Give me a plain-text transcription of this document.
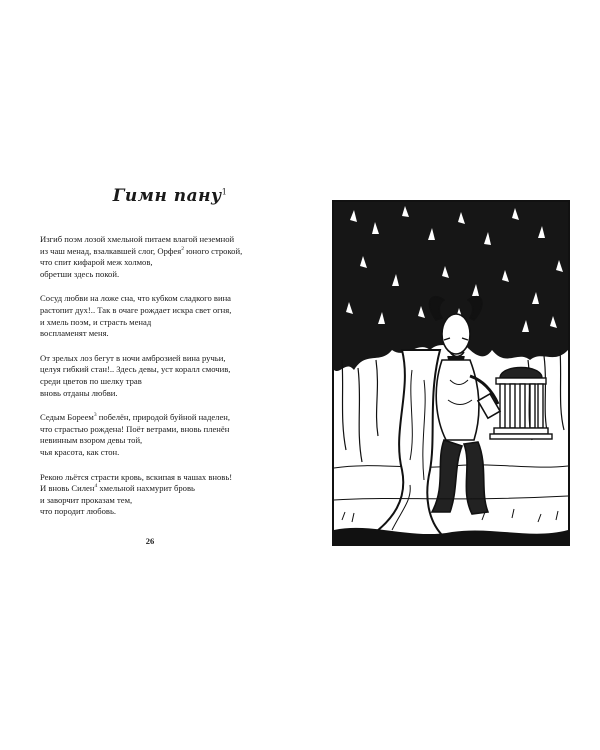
Гимн пану$^1$
Изгиб поэм лозой хмельной питаем влагой неземной
из чаш менад, взалкавшей слог, Орфея$^2$ юного строкой,
что спит кифарой меж холмов,
обретши здесь покой.
Сосуд любви на ложе сна, что кубком сладкого вина
растопит дух!.. Так в очаге рождает искра свет огня,
и хмель поэм, и страсть менад
воспламенят меня.
От зрелых лоз бегут в ночи амброзией вина ручьи,
целуя гибкий стан!.. Здесь девы, уст коралл смочив,
среди цветов по шелку трав
вновь отданы любви.
Седым Бореем$^3$ побелён, природой буйной наделен,
что страстью рождена! Поёт ветрами, вновь пленён
невинным взором девы той,
чья красота, как стон.
Рекою льётся страсти кровь, вскипая в чашах вновь!
И вновь Силен$^4$ хмельной нахмурит бровь
и заворчит проказам тем,
что породит любовь.
26
